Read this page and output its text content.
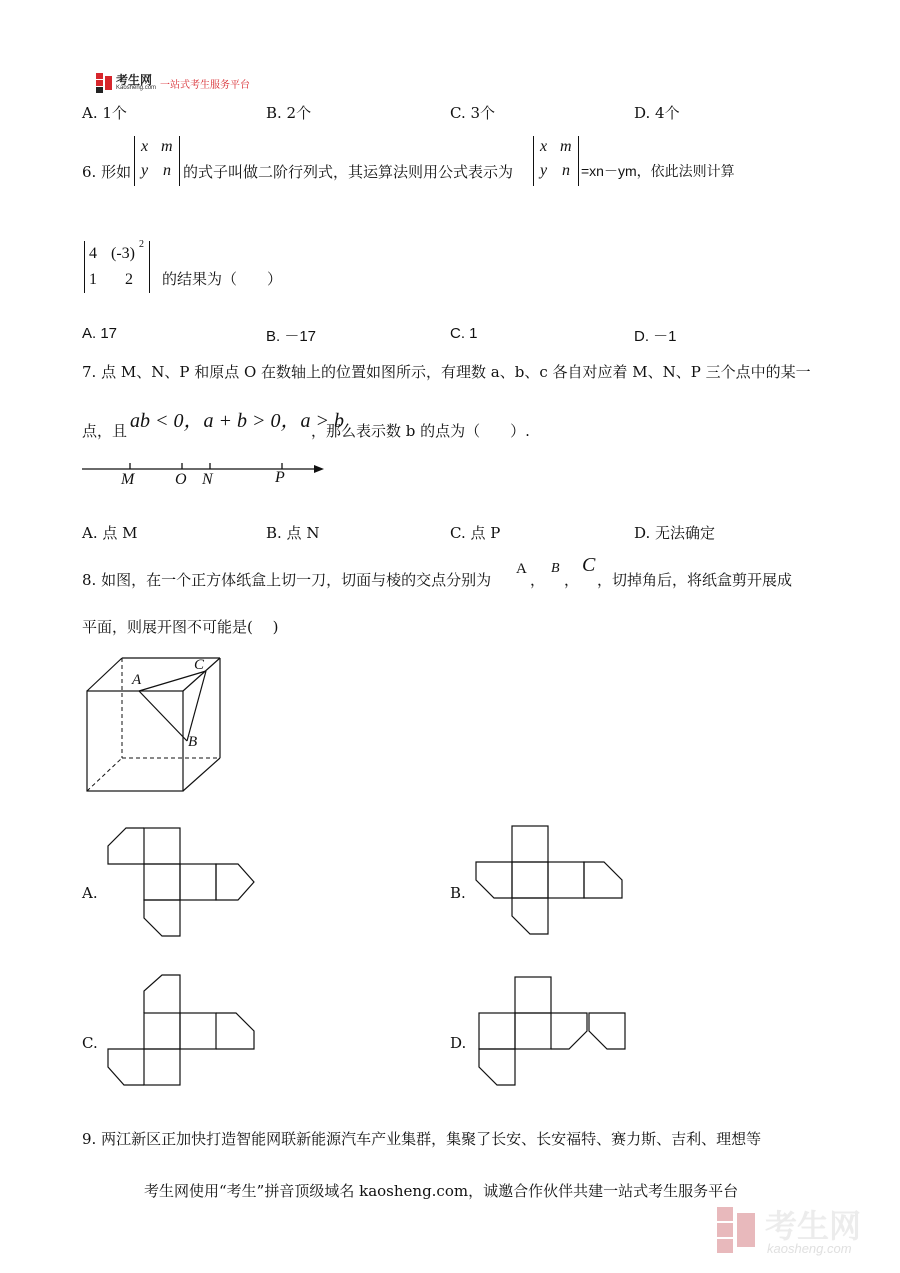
考生网
Kaosheng.com 一站式考生服务平台
A. 1个	B. 2个	C. 3个	D. 4个
6. 形如
x m
y n 的式子叫做二阶行列式，其运算法则用公式表示为
x m
y n =xn－ym，依此法则计算
4 (-3)
2
1 2 的结果为（　　）
A. 17	B. －17	C. 1	D. －1
7. 点 M、N、P 和原点 O 在数轴上的位置如图所示，有理数 a、b、c 各自对应着 M、N、P 三个点中的某一
点，且 ab < 0，a + b > 0，a > b
，那么表示数 b 的点为（　　）.
M	O N	P
A. 点 M	B. 点 N	C. 点 P	D. 无法确定
8. 如图，在一个正方体纸盒上切一刀，切面与棱的交点分别为
A
，
B
，
C
，切掉角后，将纸盒剪开展成
平面，则展开图不可能是(　 )
A
C
B
A.	B.
C.	D.
9. 两江新区正加快打造智能网联新能源汽车产业集群，集聚了长安、长安福特、赛力斯、吉利、理想等
考生网使用“考生”拼音顶级域名 kaosheng.com，诚邀合作伙伴共建一站式考生服务平台
考生网
kaosheng.com
